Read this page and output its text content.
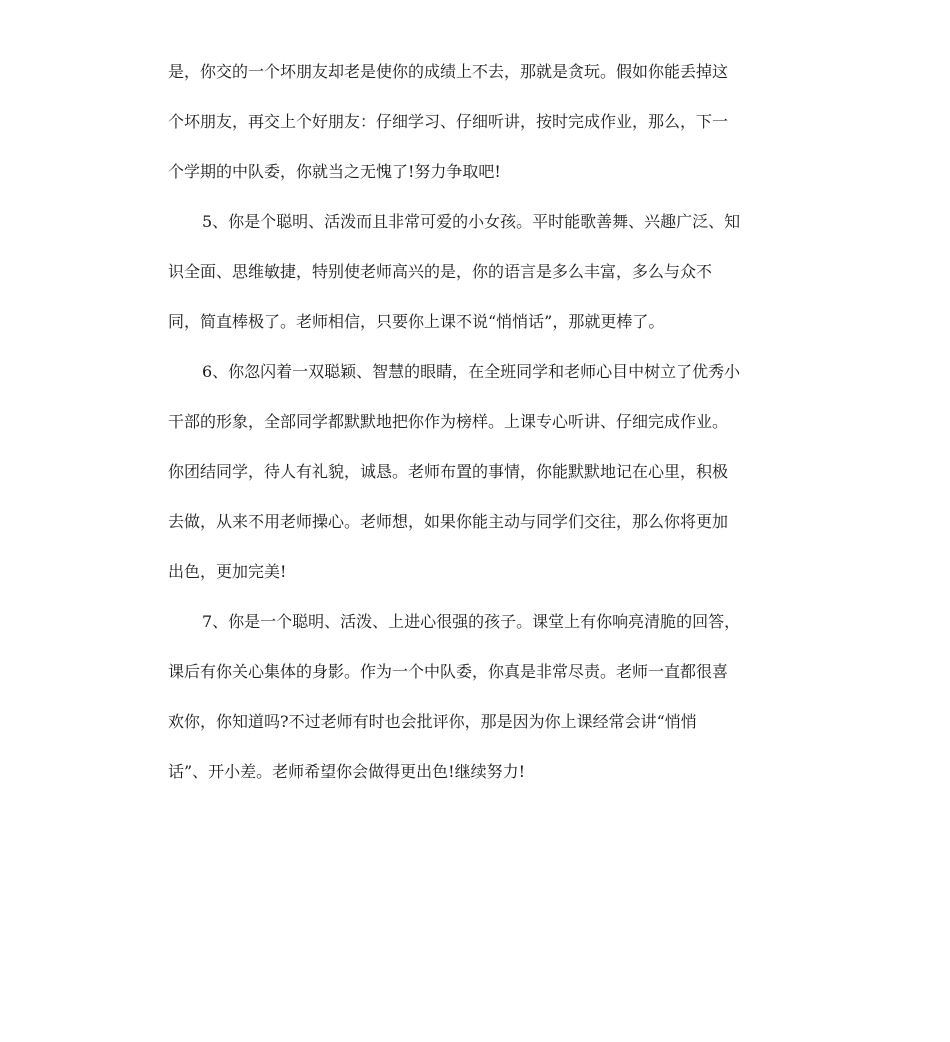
是，你交的一个坏朋友却老是使你的成绩上不去，那就是贪玩。假如你能丢掉这
个坏朋友，再交上个好朋友：仔细学习、仔细听讲，按时完成作业，那么，下一
个学期的中队委，你就当之无愧了!努力争取吧!
5、你是个聪明、活泼而且非常可爱的小女孩。平时能歌善舞、兴趣广泛、知
识全面、思维敏捷，特别使老师高兴的是，你的语言是多么丰富，多么与众不
同，简直棒极了。老师相信，只要你上课不说“悄悄话”，那就更棒了。
6、你忽闪着一双聪颖、智慧的眼睛，在全班同学和老师心目中树立了优秀小
干部的形象，全部同学都默默地把你作为榜样。上课专心听讲、仔细完成作业。
你团结同学，待人有礼貌，诚恳。老师布置的事情，你能默默地记在心里，积极
去做，从来不用老师操心。老师想，如果你能主动与同学们交往，那么你将更加
出色，更加完美!
7、你是一个聪明、活泼、上进心很强的孩子。课堂上有你响亮清脆的回答，
课后有你关心集体的身影。作为一个中队委，你真是非常尽责。老师一直都很喜
欢你，你知道吗?不过老师有时也会批评你，那是因为你上课经常会讲“悄悄
话”、开小差。老师希望你会做得更出色!继续努力!
